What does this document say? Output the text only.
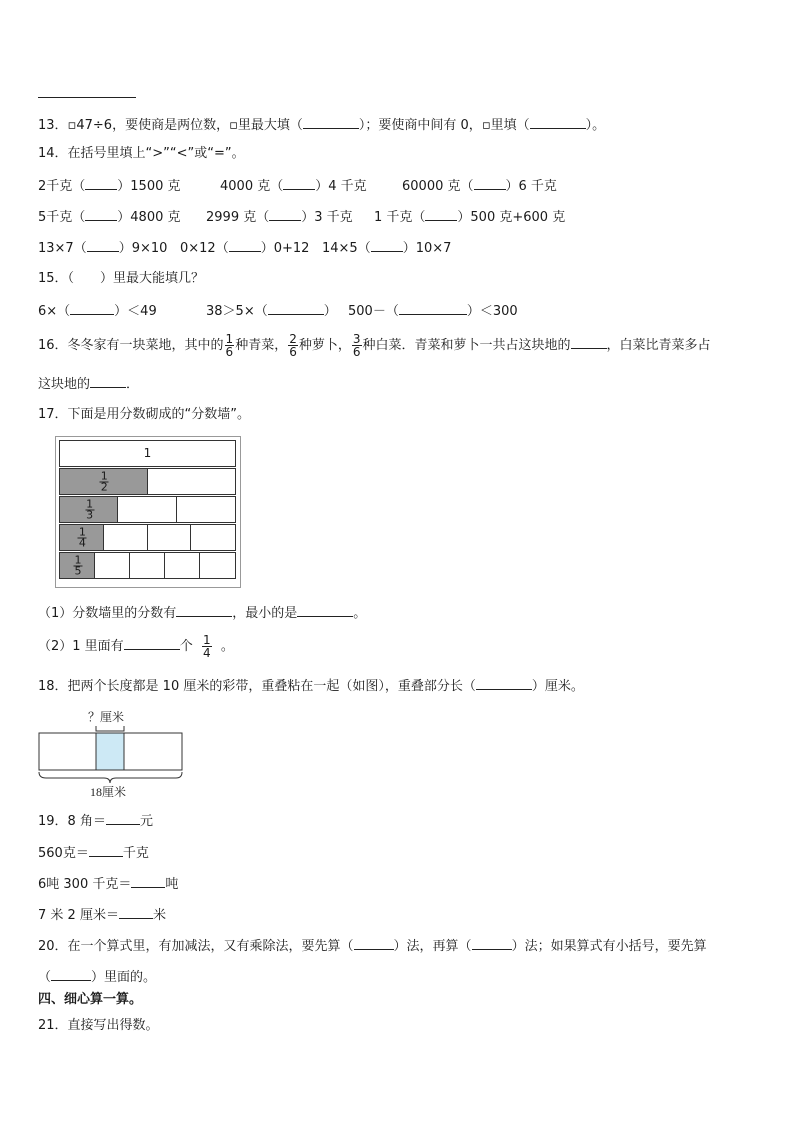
13．▫47÷6，要使商是两位数，▫里最大填（	）；要使商中间有 0，▫里填（	）。
14．在括号里填上“>”“<”或“=”。
2千克（ ）1500 克	4000 克（ ）4 千克	60000 克（ ）6 千克
5千克（ ）4800 克 2999 克（ ）3 千克 1 千克（ ）500 克+600 克
13×7（ ）9×10 0×12（ ）0+12 14×5（ ）10×7
15．（　　）里最大能填几？
6×（	）＜49	38＞5×（	） 500－（	）＜300
16．冬冬家有一块菜地，其中的 $\frac{1}{6}$ 种青菜， $\frac{2}{6}$ 种萝卜， $\frac{3}{6}$ 种白菜．青菜和萝卜一共占这块地的	，白菜比青菜多占
这块地的	．
17．下面是用分数砌成的“分数墙”。
1
$\frac{1}{2}$
$\frac{1}{3}$
$\frac{1}{4}$
$\frac{1}{5}$
（1）分数墙里的分数有	，最小的是	。
（2）1 里面有	个 $\frac{1}{4}$ 。
18．把两个长度都是 10 厘米的彩带，重叠粘在一起（如图），重叠部分长（	）厘米。
？厘米
18厘米
19．8 角＝	元
560克＝	千克
6吨 300 千克＝	吨
7 米 2 厘米＝	米
20．在一个算式里，有加减法，又有乘除法，要先算（	）法，再算（	）法；如果算式有小括号，要先算
（	）里面的。
四、细心算一算。
21．直接写出得数。
